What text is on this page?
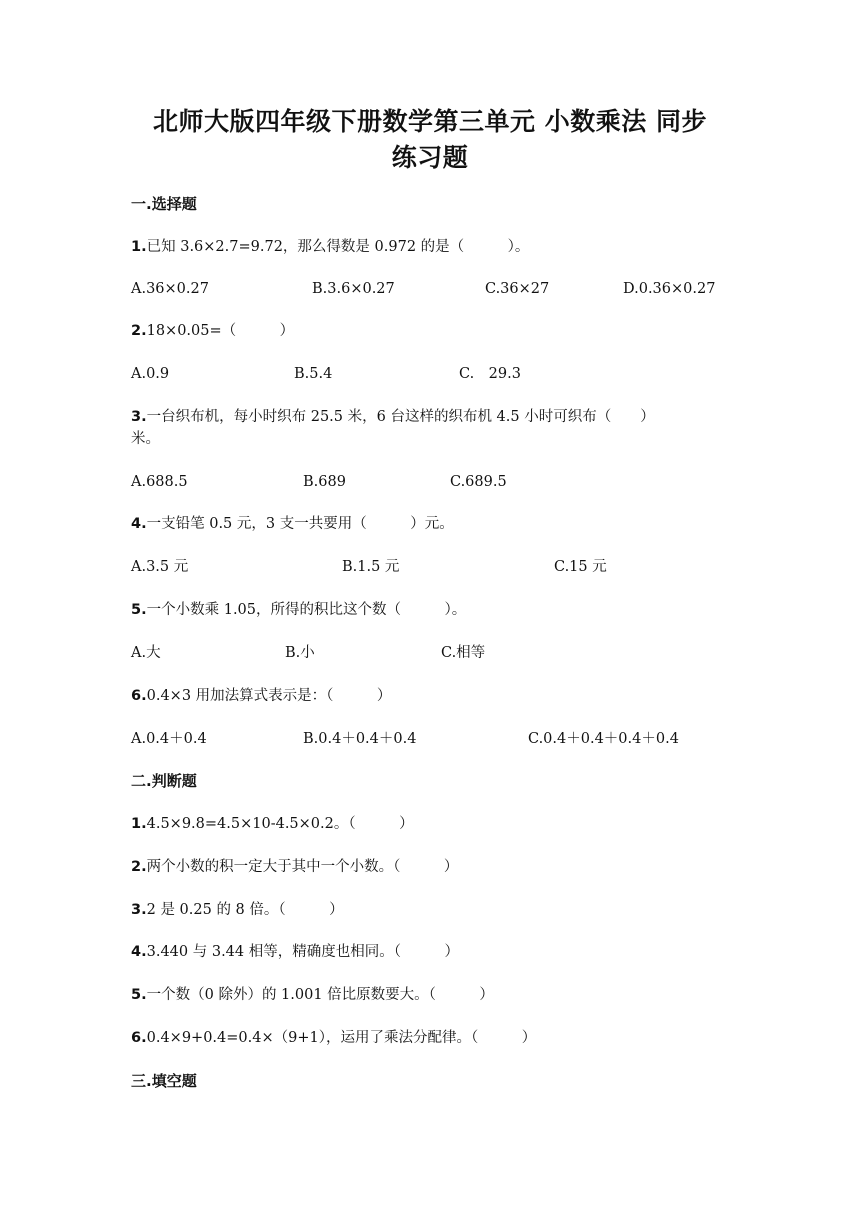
北师大版四年级下册数学第三单元 小数乘法 同步
练习题
一.选择题
1.已知 3.6×2.7=9.72，那么得数是 0.972 的是（　　　）。
A.36×0.27	B.3.6×0.27	C.36×27	D.0.36×0.27
2.18×0.05=（　　　）
A.0.9	B.5.4	C.　29.3
3.一台织布机，每小时织布 25.5 米，6 台这样的织布机 4.5 小时可织布（　　）
米。
A.688.5	B.689	C.689.5
4.一支铅笔 0.5 元，3 支一共要用（　　　）元。
A.3.5 元	B.1.5 元	C.15 元
5.一个小数乘 1.05，所得的积比这个数（　　　）。
A.大	B.小	C.相等
6.0.4×3 用加法算式表示是：（　　　）
A.0.4＋0.4	B.0.4＋0.4＋0.4	C.0.4＋0.4＋0.4＋0.4
二.判断题
1.4.5×9.8=4.5×10-4.5×0.2。（　　　）
2.两个小数的积一定大于其中一个小数。（　　　）
3.2 是 0.25 的 8 倍。（　　　）
4.3.440 与 3.44 相等，精确度也相同。（　　　）
5.一个数（0 除外）的 1.001 倍比原数要大。（　　　）
6.0.4×9+0.4=0.4×（9+1），运用了乘法分配律。（　　　）
三.填空题
